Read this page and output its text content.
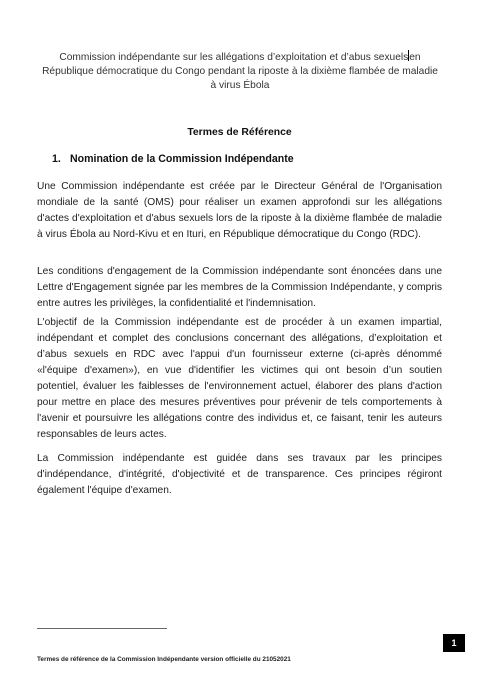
Commission indépendante sur les allégations d’exploitation et d’abus sexuelsen République démocratique du Congo pendant la riposte à la dixième flambée de maladie à virus Ébola
Termes de Référence
1. Nomination de la Commission Indépendante
Une Commission indépendante est créée par le Directeur Général de l'Organisation mondiale de la santé (OMS) pour réaliser un examen approfondi sur les allégations d'actes d'exploitation et d'abus sexuels lors de la riposte à la dixième flambée de maladie à virus Ébola au Nord-Kivu et en Ituri, en République démocratique du Congo (RDC).
Les conditions d'engagement de la Commission indépendante sont énoncées dans une Lettre d'Engagement signée par les membres de la Commission Indépendante, y compris entre autres les privilèges, la confidentialité et l'indemnisation.
L'objectif de la Commission indépendante est de procéder à un examen impartial, indépendant et complet des conclusions concernant des allégations, d’exploitation et d’abus sexuels en RDC avec l'appui d'un fournisseur externe (ci-après dénommé «l'équipe d'examen»), en vue d'identifier les victimes qui ont besoin d’un soutien potentiel, évaluer les faiblesses de l'environnement actuel, élaborer des plans d'action pour mettre en place des mesures préventives pour prévenir de tels comportements à l'avenir et poursuivre les allégations contre des individus et, ce faisant, tenir les auteurs responsables de leurs actes.
La Commission indépendante est guidée dans ses travaux par les principes d'indépendance, d'intégrité, d'objectivité et de transparence. Ces principes régiront également l'équipe d'examen.
1
Termes de référence de la Commission Indépendante version officielle du 21052021
